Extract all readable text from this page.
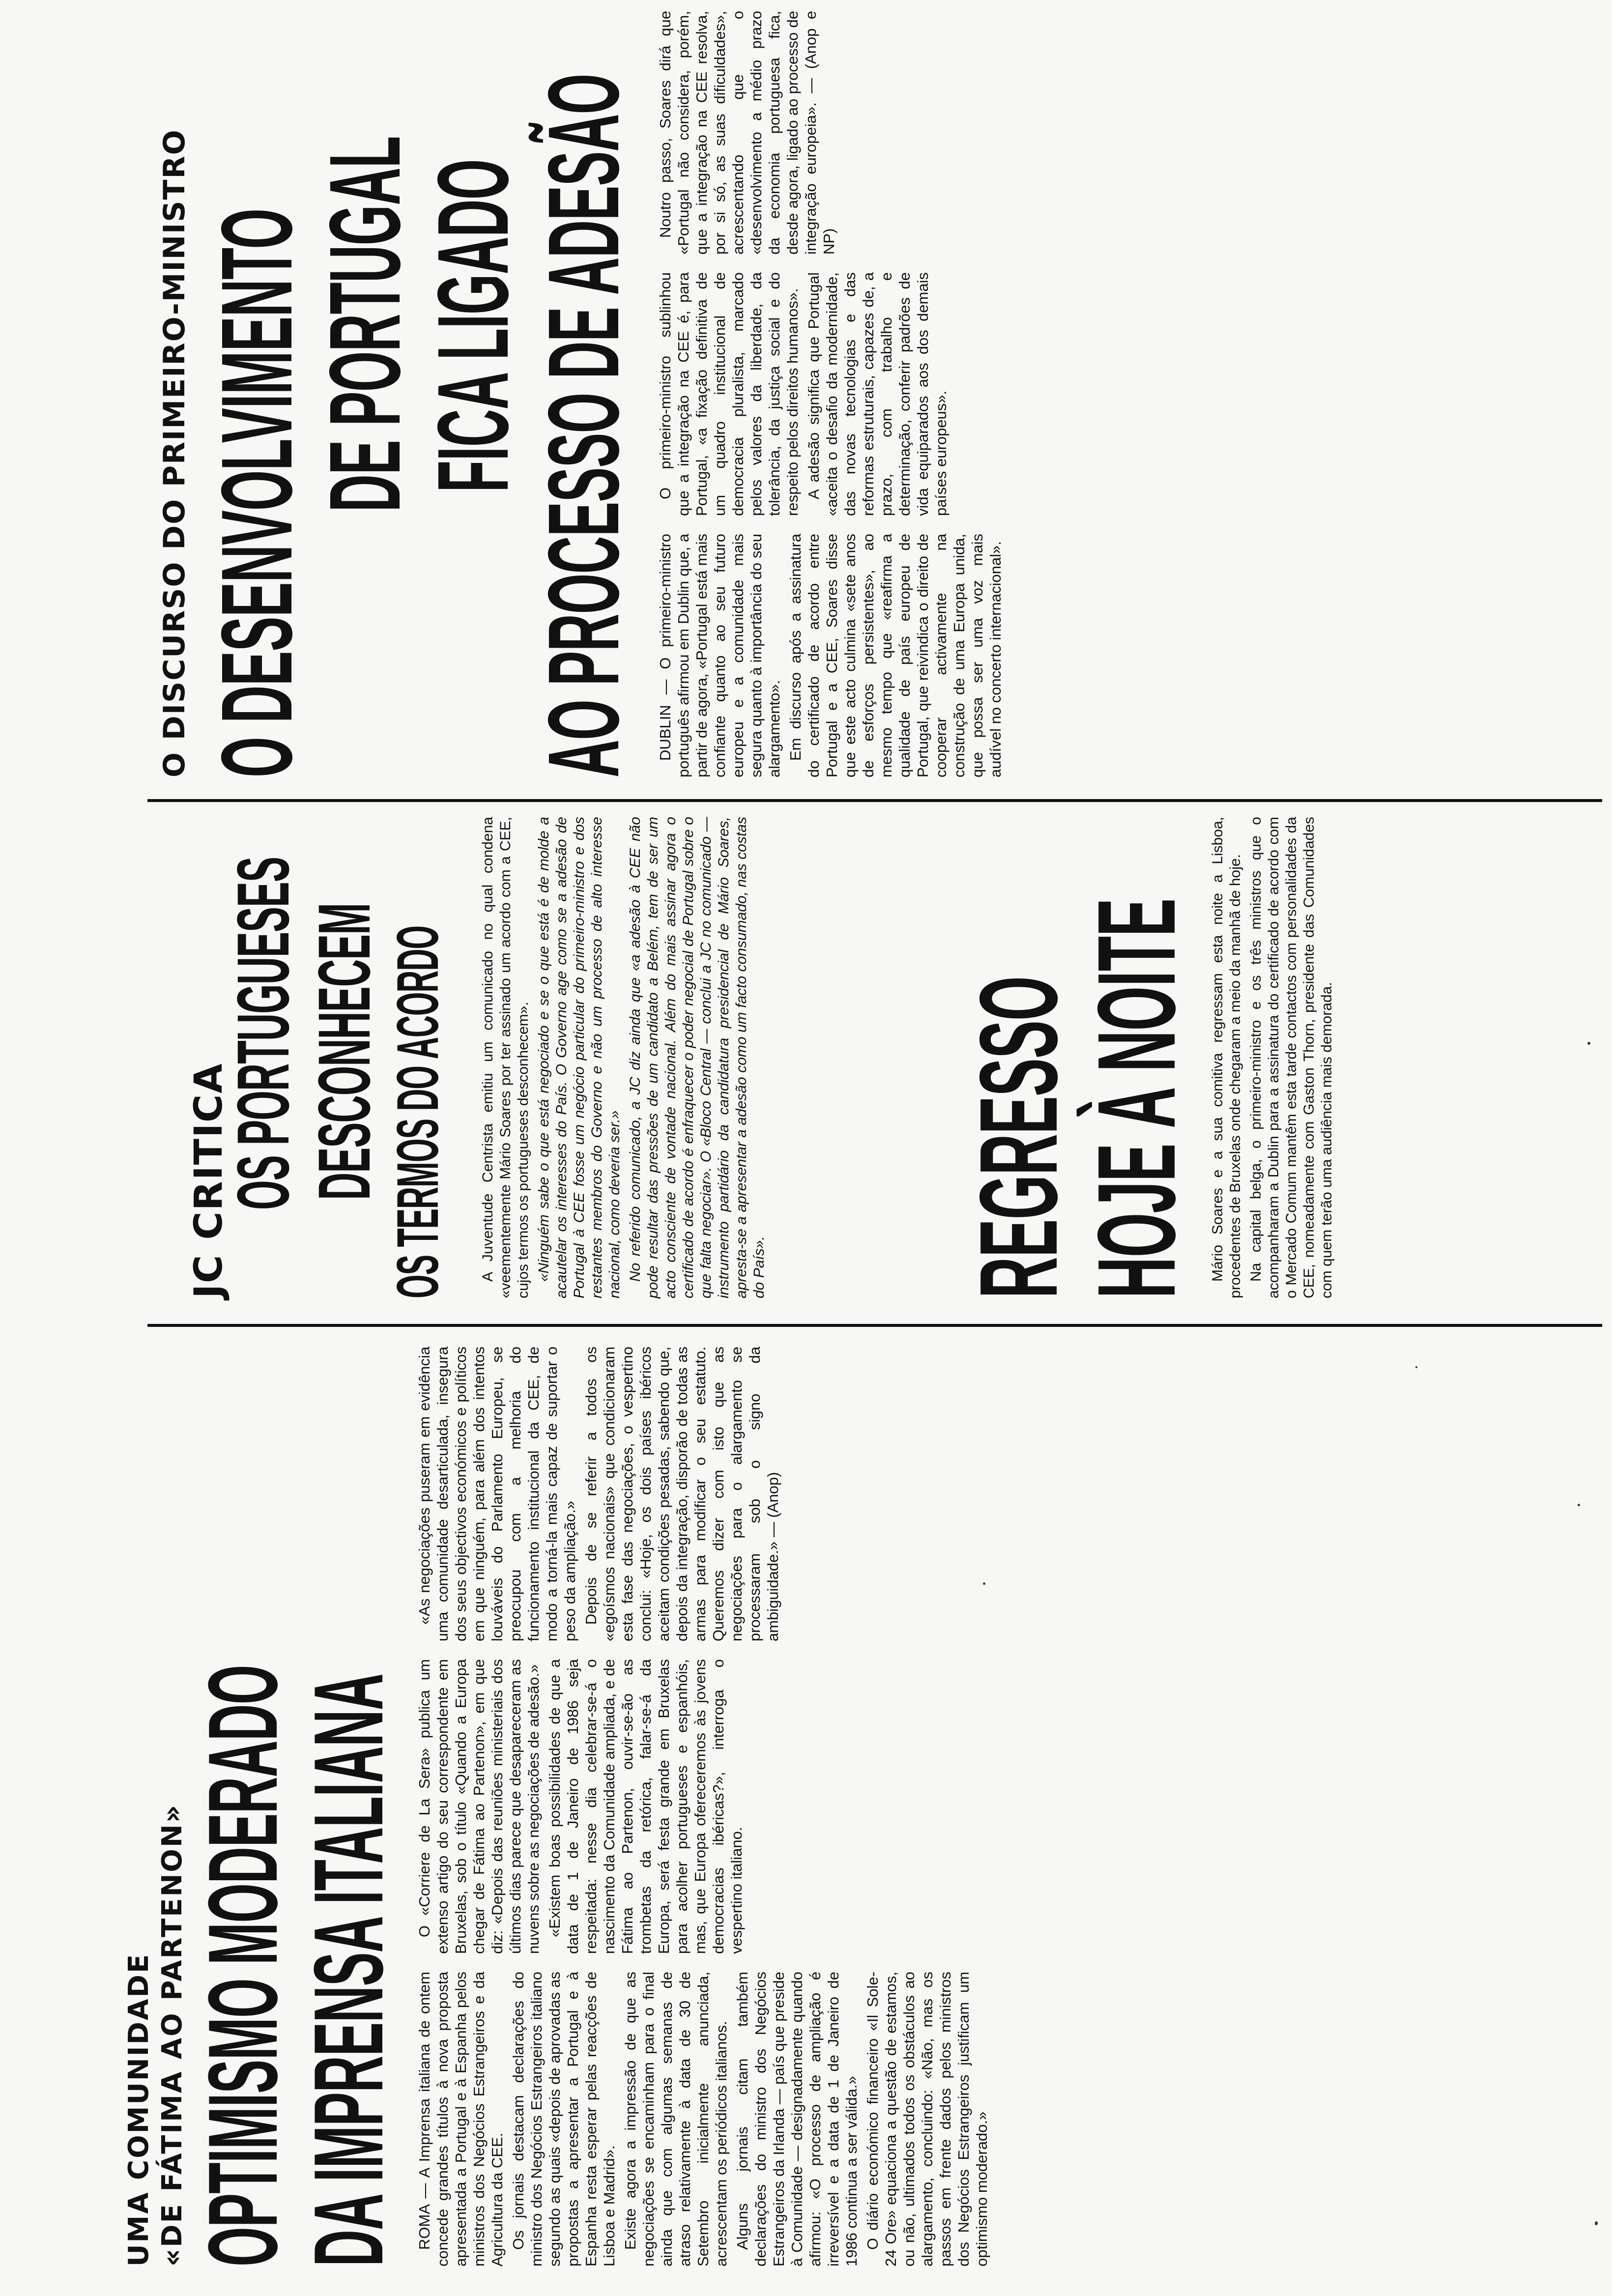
UMA COMUNIDADE «DE FÁTIMA AO PARTENON» OPTIMISMO MODERADO
DA IMPRENSA ITALIANA ROMA — A Imprensa italiana de ontem concede grandes títulos à nova proposta apresentada a Portugal e à Espanha pelos ministros dos Negócios Estrangeiros e da Agricultura da CEE. Os jornais destacam declarações do ministro dos Negócios Estrangeiros italiano segundo as quais «depois de aprovadas as propostas a apresentar a Portugal e à Espanha resta esperar pelas reacções de Lisboa e Madrid». Existe agora a impressão de que as negociações se encaminham para o final ainda que com algumas semanas de atraso relativamente à data de 30 de Setembro inicialmente anunciada, acrescentam os periódicos italianos. Alguns jornais citam também declarações do ministro dos Negócios Estrangeiros da Irlanda — país que preside à Comunidade — designadamente quando afirmou: «O processo de ampliação é irreversível e a data de 1 de Janeiro de 1986 continua a ser válida.» O diário económico financeiro «Il Sole-24 Ore» equaciona a questão de estamos, ou não, ultimados todos os obstáculos ao alargamento, concluindo: «Não, mas os passos em frente dados pelos ministros dos Negócios Estrangeiros justificam um optimismo moderado.»

O «Corriere de La Sera» publica um extenso artigo do seu correspondente em Bruxelas, sob o título «Quando a Europa chegar de Fátima ao Partenon», em que diz: «Depois das reuniões ministeriais dos últimos dias parece que desapareceram as nuvens sobre as negociações de adesão.» «Existem boas possibilidades de que a data de 1 de Janeiro de 1986 seja respeitada: nesse dia celebrar-se-á o nascimento da Comunidade ampliada, e de Fátima ao Partenon, ouvir-se-ão as trombetas da retórica, falar-se-á da Europa, será festa grande em Bruxelas para acolher portugueses e espanhóis, mas, que Europa ofereceremos às jovens democracias ibéricas?», interroga o vespertino italiano.

«As negociações puseram em evidência uma comunidade desarticulada, insegura dos seus objectivos económicos e políticos em que ninguém, para além dos intentos louváveis do Parlamento Europeu, se preocupou com a melhoria do funcionamento institucional da CEE, de modo a torná-la mais capaz de suportar o peso da ampliação.» Depois de se referir a todos os «egoísmos nacionais» que condicionaram esta fase das negociações, o vespertino conclui: «Hoje, os dois países ibéricos aceitam condições pesadas, sabendo que, depois da integração, disporão de todas as armas para modificar o seu estatuto. Queremos dizer com isto que as negociações para o alargamento se processaram sob o signo da ambiguidade.» — (Anop)

JC CRITICA
OS PORTUGUESES
DESCONHECEM OS TERMOS DO ACORDO A Juventude Centrista emitiu um comunicado no qual condena «veementemente Mário Soares por ter assinado um acordo com a CEE, cujos termos os portugueses desconhecem». «Ninguém sabe o que está negociado e se o que está é de molde a acautelar os interesses do País. O Governo age como se a adesão de Portugal à CEE fosse um negócio particular do primeiro-ministro e dos restantes membros do Governo e não um processo de alto interesse nacional, como deveria ser.» No referido comunicado, a JC diz ainda que «a adesão à CEE não pode resultar das pressões de um candidato a Belém, tem de ser um acto consciente de vontade nacional. Além do mais assinar agora o certificado de acordo é enfraquecer o poder negocial de Portugal sobre o que falta negociar». O «Bloco Central — conclui a JC no comunicado — instrumento partidário da candidatura presidencial de Mário Soares, apresta-se a apresentar a adesão como um facto consumado, nas costas do País». REGRESSO
HOJE À NOITE Mário Soares e a sua comitiva regressam esta noite a Lisboa, procedentes de Bruxelas onde chegaram a meio da manhã de hoje. Na capital belga, o primeiro-ministro e os três ministros que o acompanharam a Dublin para a assinatura do certificado de acordo com o Mercado Comum mantêm esta tarde contactos com personalidades da CEE, nomeadamente com Gaston Thorn, presidente das Comunidades com quem terão uma audiência mais demorada.

O DISCURSO DO PRIMEIRO-MINISTRO O DESENVOLVIMENTO
DE PORTUGAL
FICA LIGADO
AO PROCESSO DE ADESÃO DUBLIN — O primeiro-ministro português afirmou em Dublin que, a partir de agora, «Portugal está mais confiante quanto ao seu futuro europeu e a comunidade mais segura quanto à importância do seu alargamento». Em discurso após a assinatura do certificado de acordo entre Portugal e a CEE, Soares disse que este acto culmina «sete anos de esforços persistentes», ao mesmo tempo que «reafirma a qualidade de país europeu de Portugal, que reivindica o direito de cooperar activamente na construção de uma Europa unida, que possa ser uma voz mais audível no concerto internacional».

O primeiro-ministro sublinhou que a integração na CEE é, para Portugal, «a fixação definitiva de um quadro institucional de democracia pluralista, marcado pelos valores da liberdade, da tolerância, da justiça social e do respeito pelos direitos humanos». A adesão significa que Portugal «aceita o desafio da modernidade, das novas tecnologias e das reformas estruturais, capazes de, a prazo, com trabalho e determinação, conferir padrões de vida equiparados aos dos demais países europeus».

Noutro passo, Soares dirá que «Portugal não considera, porém, que a integração na CEE resolva, por si só, as suas dificuldades», acrescentando que o «desenvolvimento a médio prazo da economia portuguesa fica, desde agora, ligado ao processo de integração europeia». — (Anop e NP)
